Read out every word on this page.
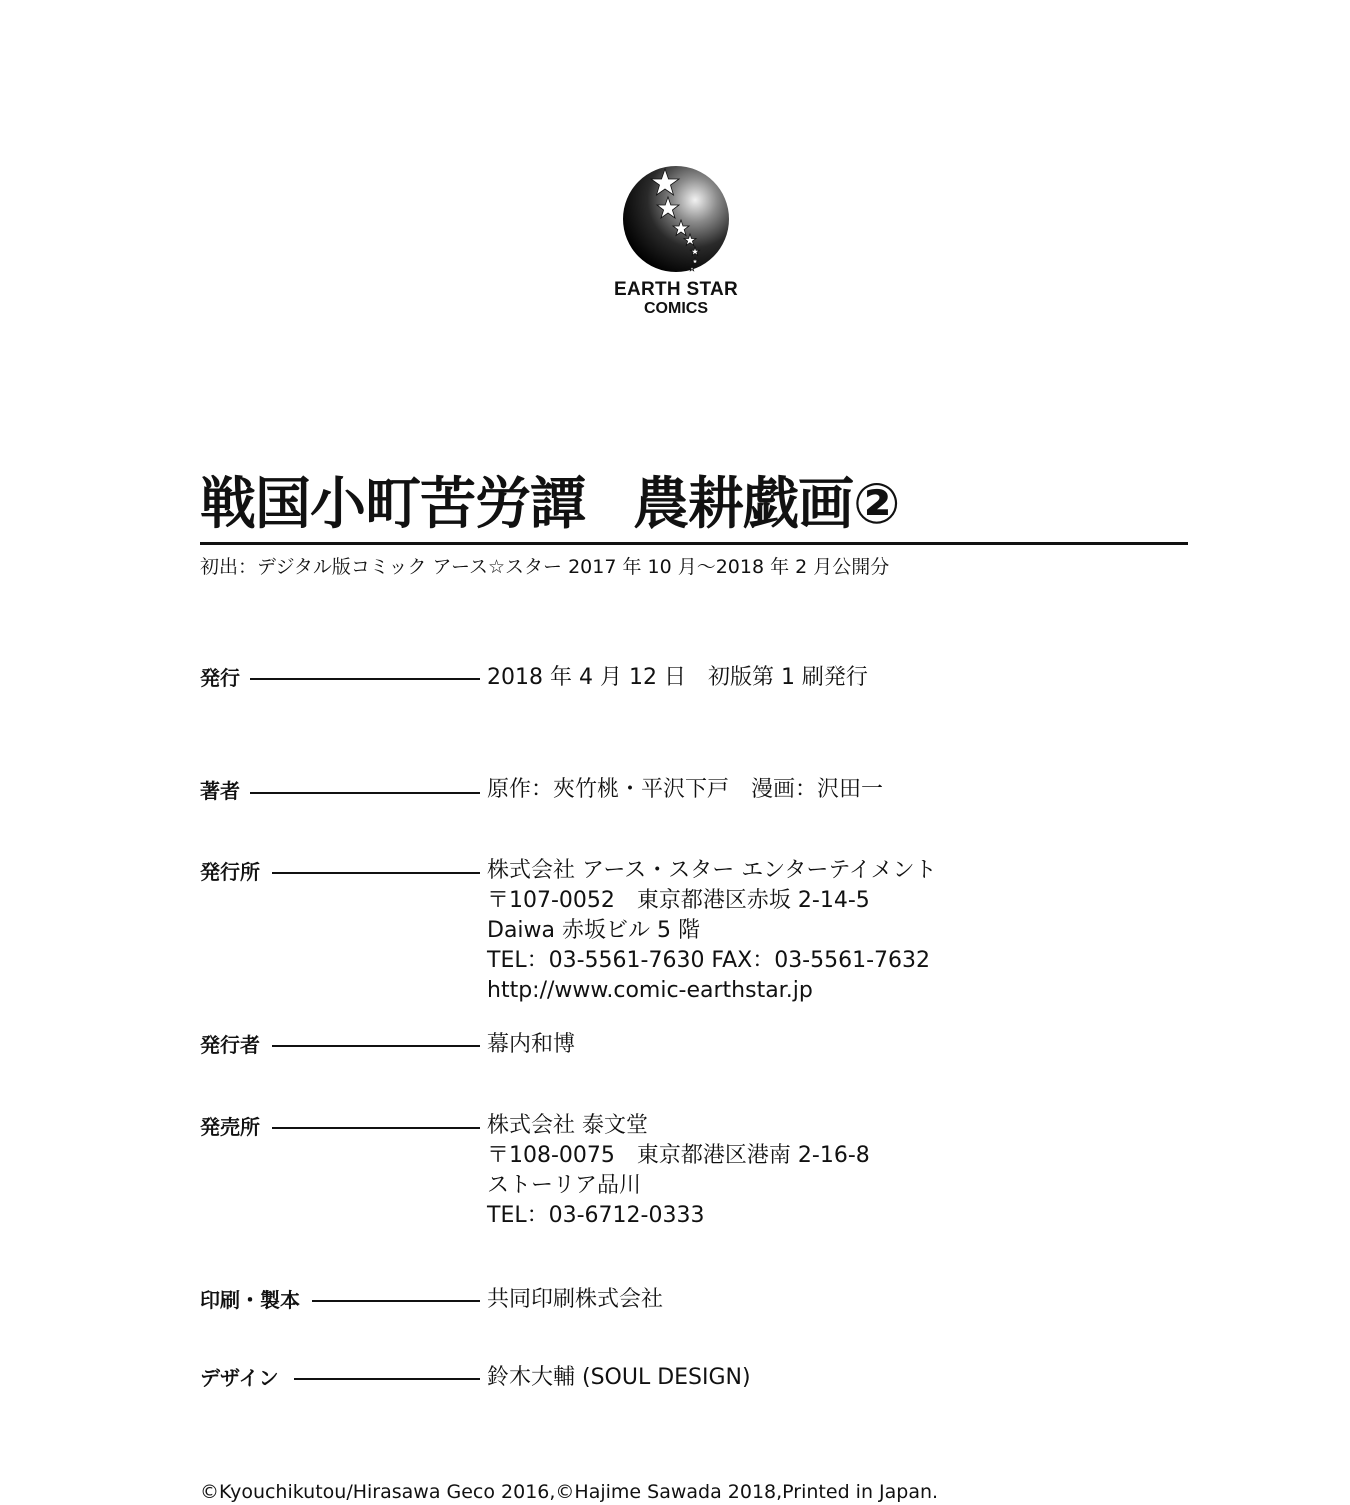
EARTH STAR
COMICS
戦国小町苦労譚 農耕戯画②
初出：デジタル版コミック アース☆スター 2017 年 10 月～2018 年 2 月公開分
発行	2018 年 4 月 12 日　初版第 1 刷発行
著者	原作：夾竹桃・平沢下戸　漫画：沢田一
発行所	株式会社 アース・スター エンターテイメント
〒107-0052　東京都港区赤坂 2-14-5
Daiwa 赤坂ビル 5 階
TEL：03-5561-7630 FAX：03-5561-7632
http://www.comic-earthstar.jp
発行者	幕内和博
発売所	株式会社 泰文堂
〒108-0075　東京都港区港南 2-16-8
ストーリア品川
TEL：03-6712-0333
印刷・製本	共同印刷株式会社
デザイン	鈴木大輔 (SOUL DESIGN)
©Kyouchikutou/Hirasawa Geco 2016,©Hajime Sawada 2018,Printed in Japan.
